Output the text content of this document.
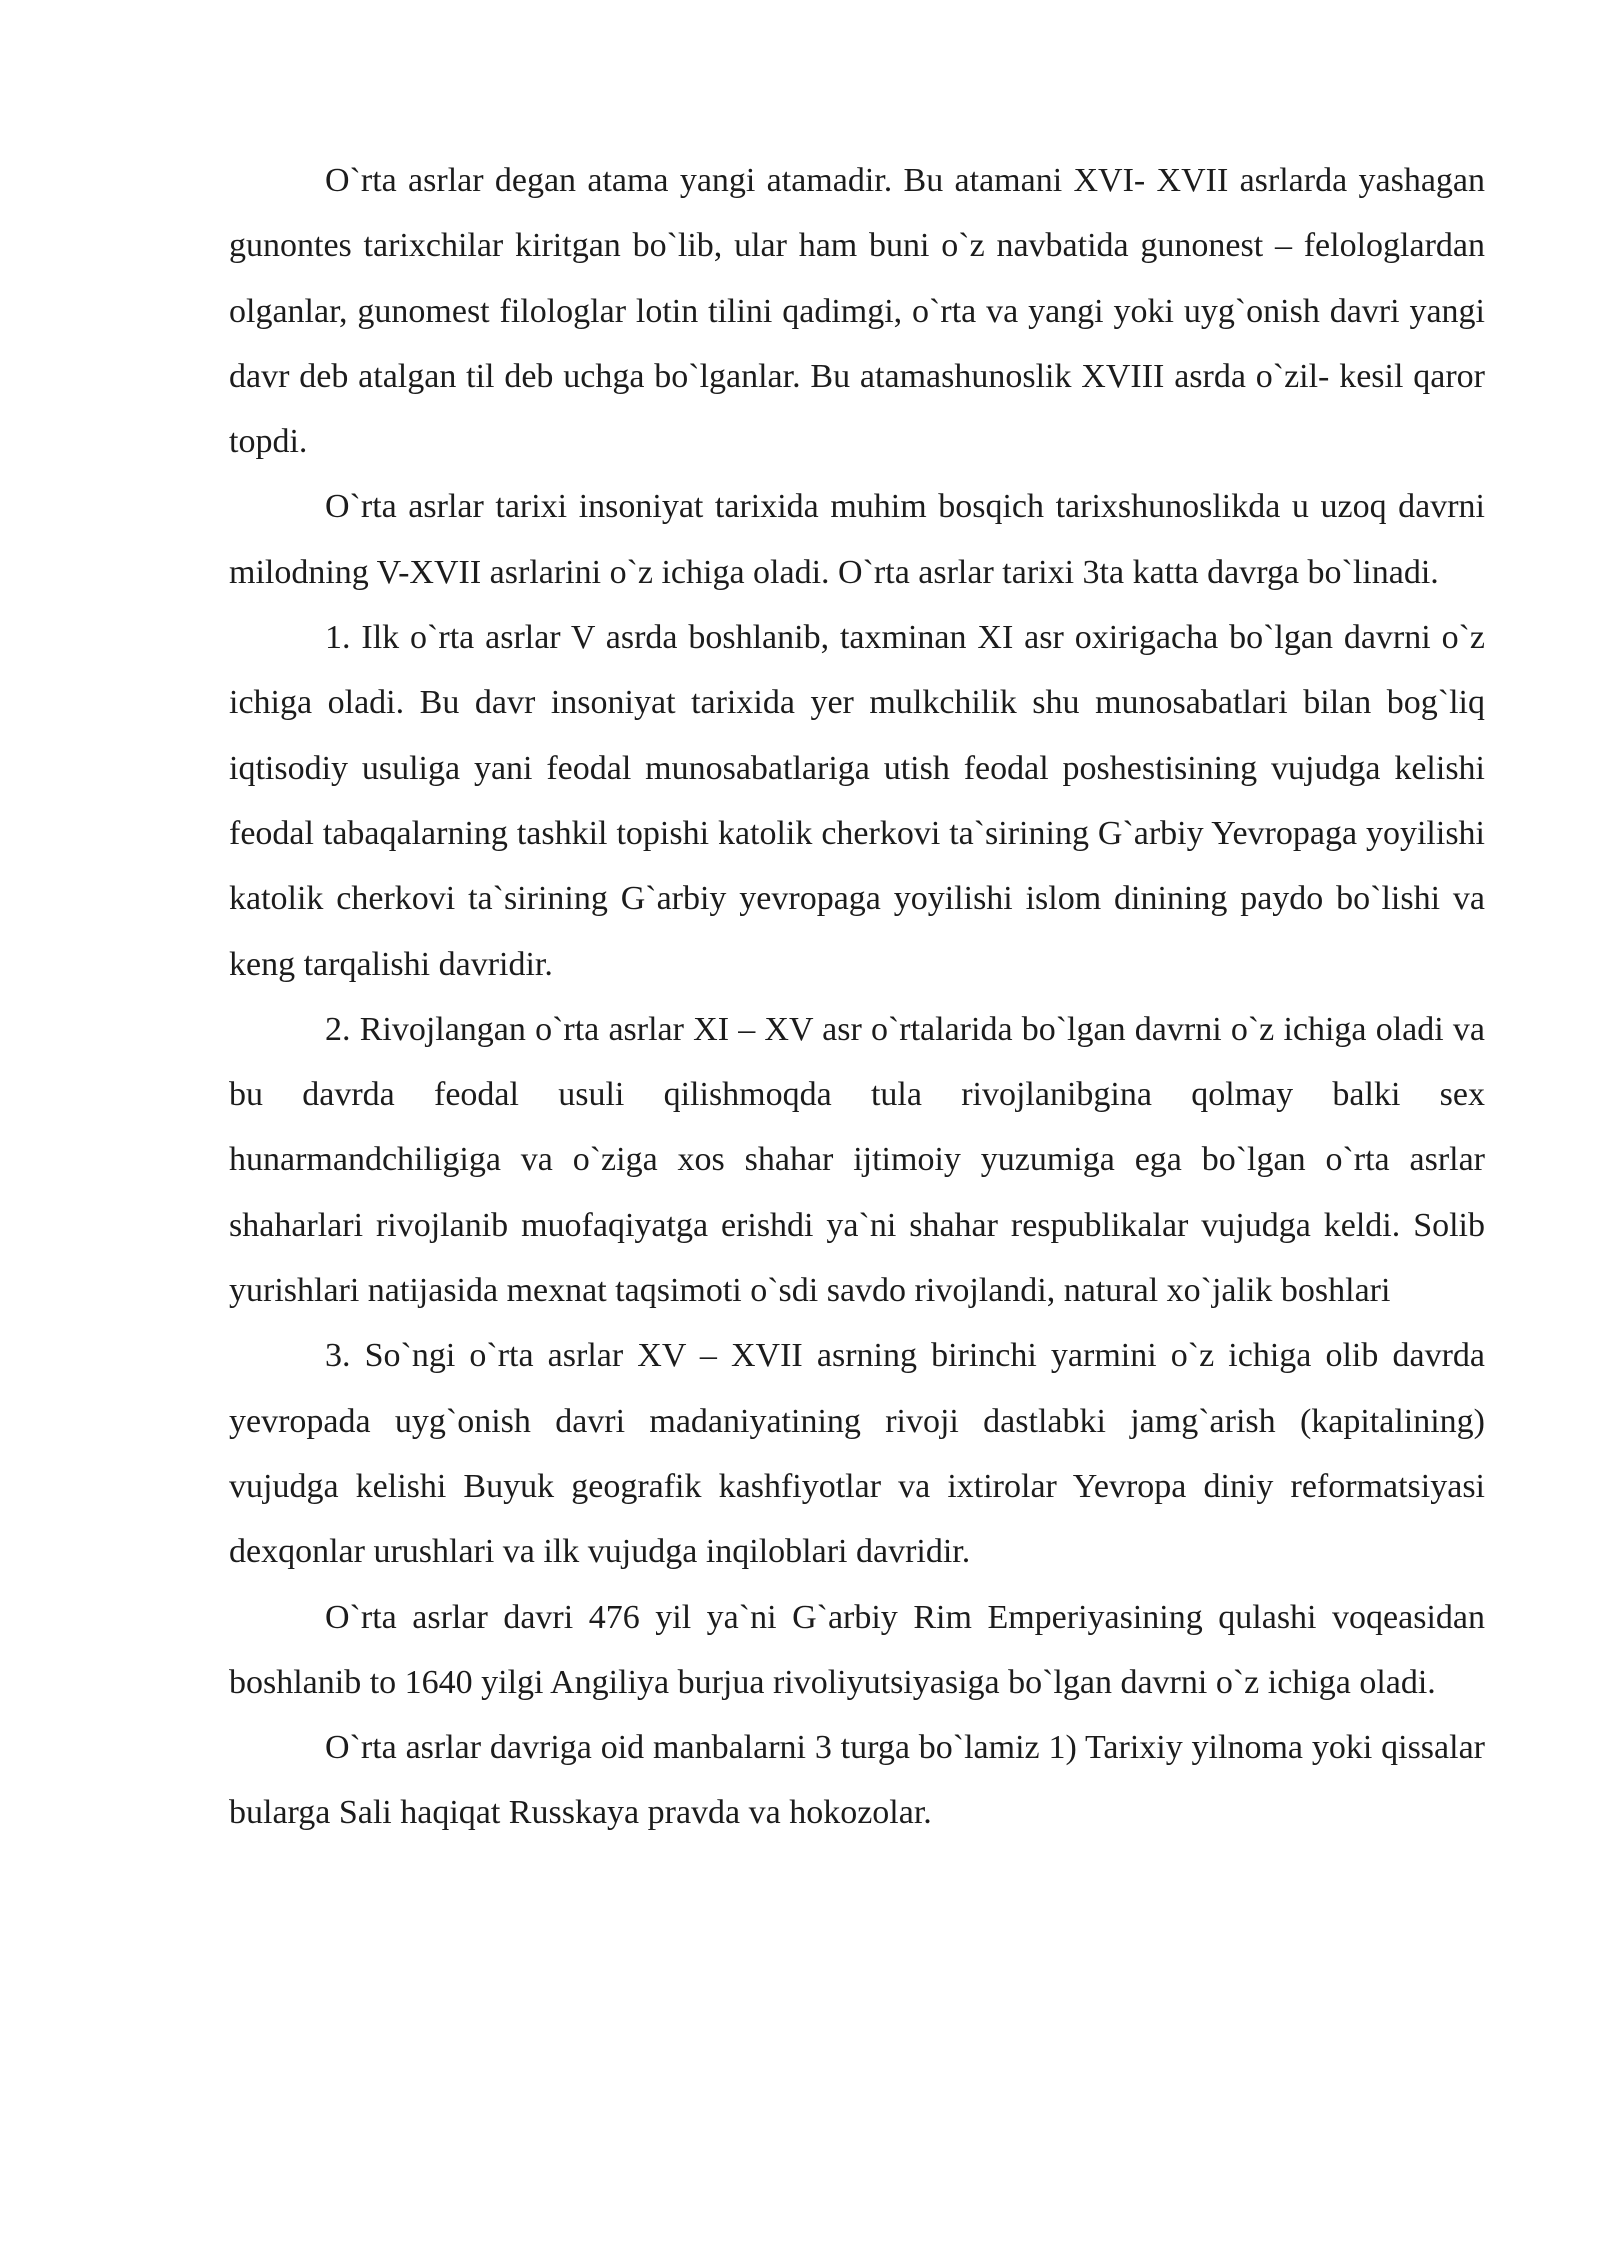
O`rta asrlar degan atama yangi atamadir. Bu atamani XVI- XVII asrlarda yashagan gunontes tarixchilar kiritgan bo`lib, ular ham buni o`z navbatida gunonest – felologlardan olganlar, gunomest filologlar lotin tilini qadimgi, o`rta va yangi yoki uyg`onish davri yangi davr deb atalgan til deb uchga bo`lganlar. Bu atamashunoslik XVIII asrda o`zil- kesil qaror topdi.

O`rta asrlar tarixi insoniyat tarixida muhim bosqich tarixshunoslikda u uzoq davrni milodning V-XVII asrlarini o`z ichiga oladi. O`rta asrlar tarixi 3ta katta davrga bo`linadi.

1. Ilk o`rta asrlar V asrda boshlanib, taxminan XI asr oxirigacha bo`lgan davrni o`z ichiga oladi. Bu davr insoniyat tarixida yer mulkchilik shu munosabatlari bilan bog`liq iqtisodiy usuliga yani feodal munosabatlariga utish feodal poshestisining vujudga kelishi feodal tabaqalarning tashkil topishi katolik cherkovi ta`sirining G`arbiy Yevropaga yoyilishi katolik cherkovi ta`sirining G`arbiy yevropaga yoyilishi islom dinining paydo bo`lishi va keng tarqalishi davridir.

2. Rivojlangan o`rta asrlar XI – XV asr o`rtalarida bo`lgan davrni o`z ichiga oladi va bu davrda feodal usuli qilishmoqda tula rivojlanibgina qolmay balki sex hunarmandchiligiga va o`ziga xos shahar ijtimoiy yuzumiga ega bo`lgan o`rta asrlar shaharlari rivojlanib muofaqiyatga erishdi ya`ni shahar respublikalar vujudga keldi. Solib yurishlari natijasida mexnat taqsimoti o`sdi savdo rivojlandi, natural xo`jalik boshlari

3. So`ngi o`rta asrlar XV – XVII asrning birinchi yarmini o`z ichiga olib davrda yevropada uyg`onish davri madaniyatining rivoji dastlabki jamg`arish (kapitalining) vujudga kelishi Buyuk geografik kashfiyotlar va ixtirolar Yevropa diniy reformatsiyasi dexqonlar urushlari va ilk vujudga inqiloblari davridir.

O`rta asrlar davri 476 yil ya`ni G`arbiy Rim Emperiyasining qulashi voqeasidan boshlanib to 1640 yilgi Angiliya burjua rivoliyutsiyasiga bo`lgan davrni o`z ichiga oladi.

O`rta asrlar davriga oid manbalarni 3 turga bo`lamiz 1) Tarixiy yilnoma yoki qissalar bularga Sali haqiqat Russkaya pravda va hokozolar.
